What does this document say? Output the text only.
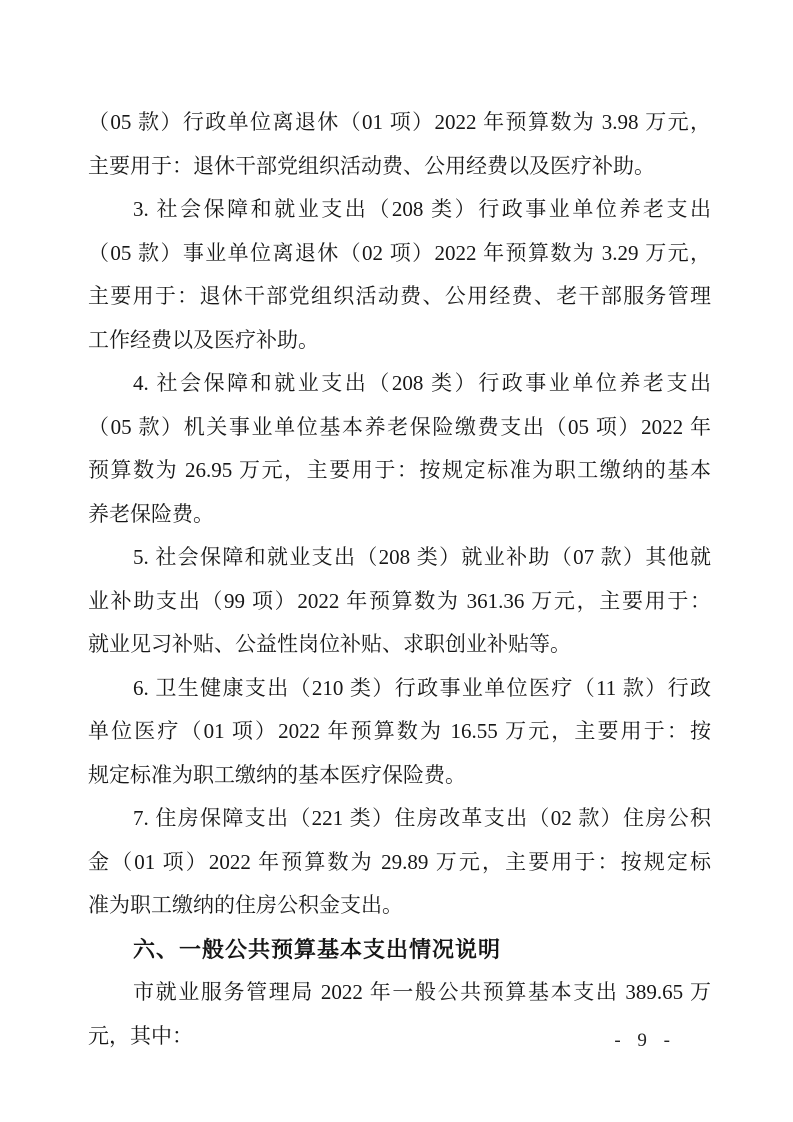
（05 款）行政单位离退休（01 项）2022 年预算数为 3.98 万元，
主要用于：退休干部党组织活动费、公用经费以及医疗补助。
3. 社会保障和就业支出（208 类）行政事业单位养老支出
（05 款）事业单位离退休（02 项）2022 年预算数为 3.29 万元，
主要用于：退休干部党组织活动费、公用经费、老干部服务管理
工作经费以及医疗补助。
4. 社会保障和就业支出（208 类）行政事业单位养老支出
（05 款）机关事业单位基本养老保险缴费支出（05 项）2022 年
预算数为 26.95 万元，主要用于：按规定标准为职工缴纳的基本
养老保险费。
5. 社会保障和就业支出（208 类）就业补助（07 款）其他就
业补助支出（99 项）2022 年预算数为 361.36 万元，主要用于：
就业见习补贴、公益性岗位补贴、求职创业补贴等。
6. 卫生健康支出（210 类）行政事业单位医疗（11 款）行政
单位医疗（01 项）2022 年预算数为 16.55 万元，主要用于：按
规定标准为职工缴纳的基本医疗保险费。
7. 住房保障支出（221 类）住房改革支出（02 款）住房公积
金（01 项）2022 年预算数为 29.89 万元，主要用于：按规定标
准为职工缴纳的住房公积金支出。
六、一般公共预算基本支出情况说明
市就业服务管理局 2022 年一般公共预算基本支出 389.65 万
元，其中：	- 9 -
